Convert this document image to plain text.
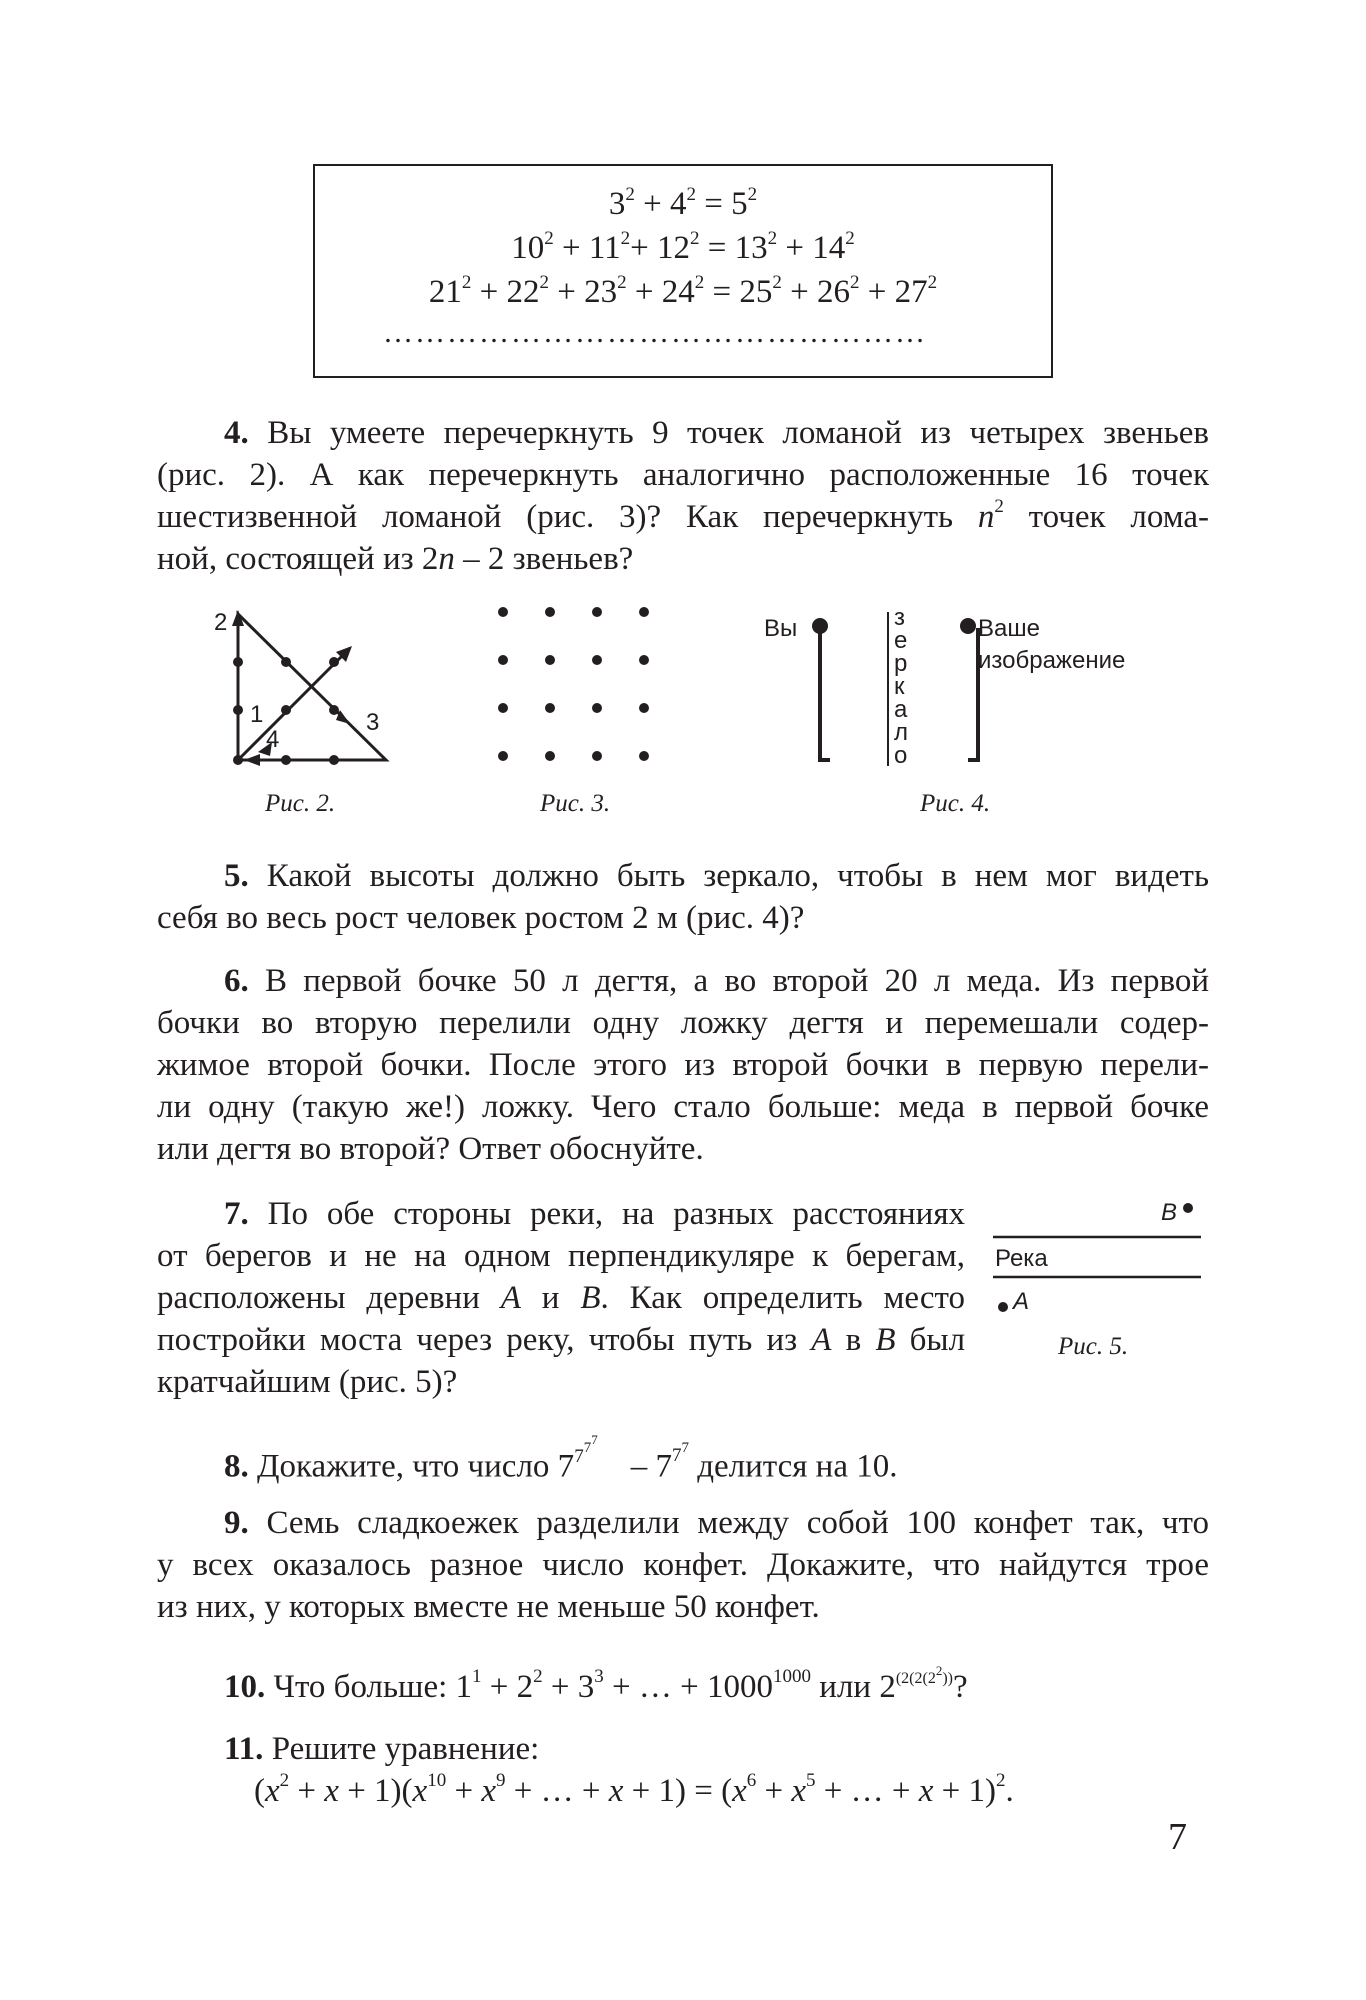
$3^2 + 4^2 = 5^2$
$10^2 + 11^2+ 12^2 = 13^2 + 14^2$
$21^2 + 22^2 + 23^2 + 24^2 = 25^2 + 26^2 + 27^2$
……………………………………………
4. Вы умеете перечеркнуть 9 точек ломаной из четырех звеньев
(рис. 2). А как перечеркнуть аналогично расположенные 16 точек
шестизвенной ломаной (рис. 3)? Как перечеркнуть $n^2$ точек лома-
ной, состоящей из 2n – 2 звеньев?
2
1
4
3
Рис. 2.	Рис. 3.
Вы	з
е
р
к
а
л
о
Ваше
изображение
Рис. 4.
5. Какой высоты должно быть зеркало, чтобы в нем мог видеть
себя во весь рост человек ростом 2 м (рис. 4)?
6. В первой бочке 50 л дегтя, а во второй 20 л меда. Из первой
бочки во вторую перелили одну ложку дегтя и перемешали содер-
жимое второй бочки. После этого из второй бочки в первую перели-
ли одну (такую же!) ложку. Чего стало больше: меда в первой бочке
или дегтя во второй? Ответ обоснуйте.
7. По обе стороны реки, на разных расстояниях
от берегов и не на одном перпендикуляре к берегам,
расположены деревни A и B. Как определить место
постройки моста через реку, чтобы путь из A в B был
кратчайшим (рис. 5)?
B
Река
A
Рис. 5.
8. Докажите, что число $7^{7^{7^7}}$    – $7^{7^7}$ делится на 10.
9. Семь сладкоежек разделили между собой 100 конфет так, что
у всех оказалось разное число конфет. Докажите, что найдутся трое
из них, у которых вместе не меньше 50 конфет.
10. Что больше: $1^1 + 2^2 + 3^3$ + … + $1000^{1000}$ или $2^{(2(2(2^2))}$?
11. Решите уравнение:
$(x^2 + x + 1)(x^{10} + x^9$ + … + $x + 1) = (x^6 + x^5$ + … + x + 1)$^2$.
7
